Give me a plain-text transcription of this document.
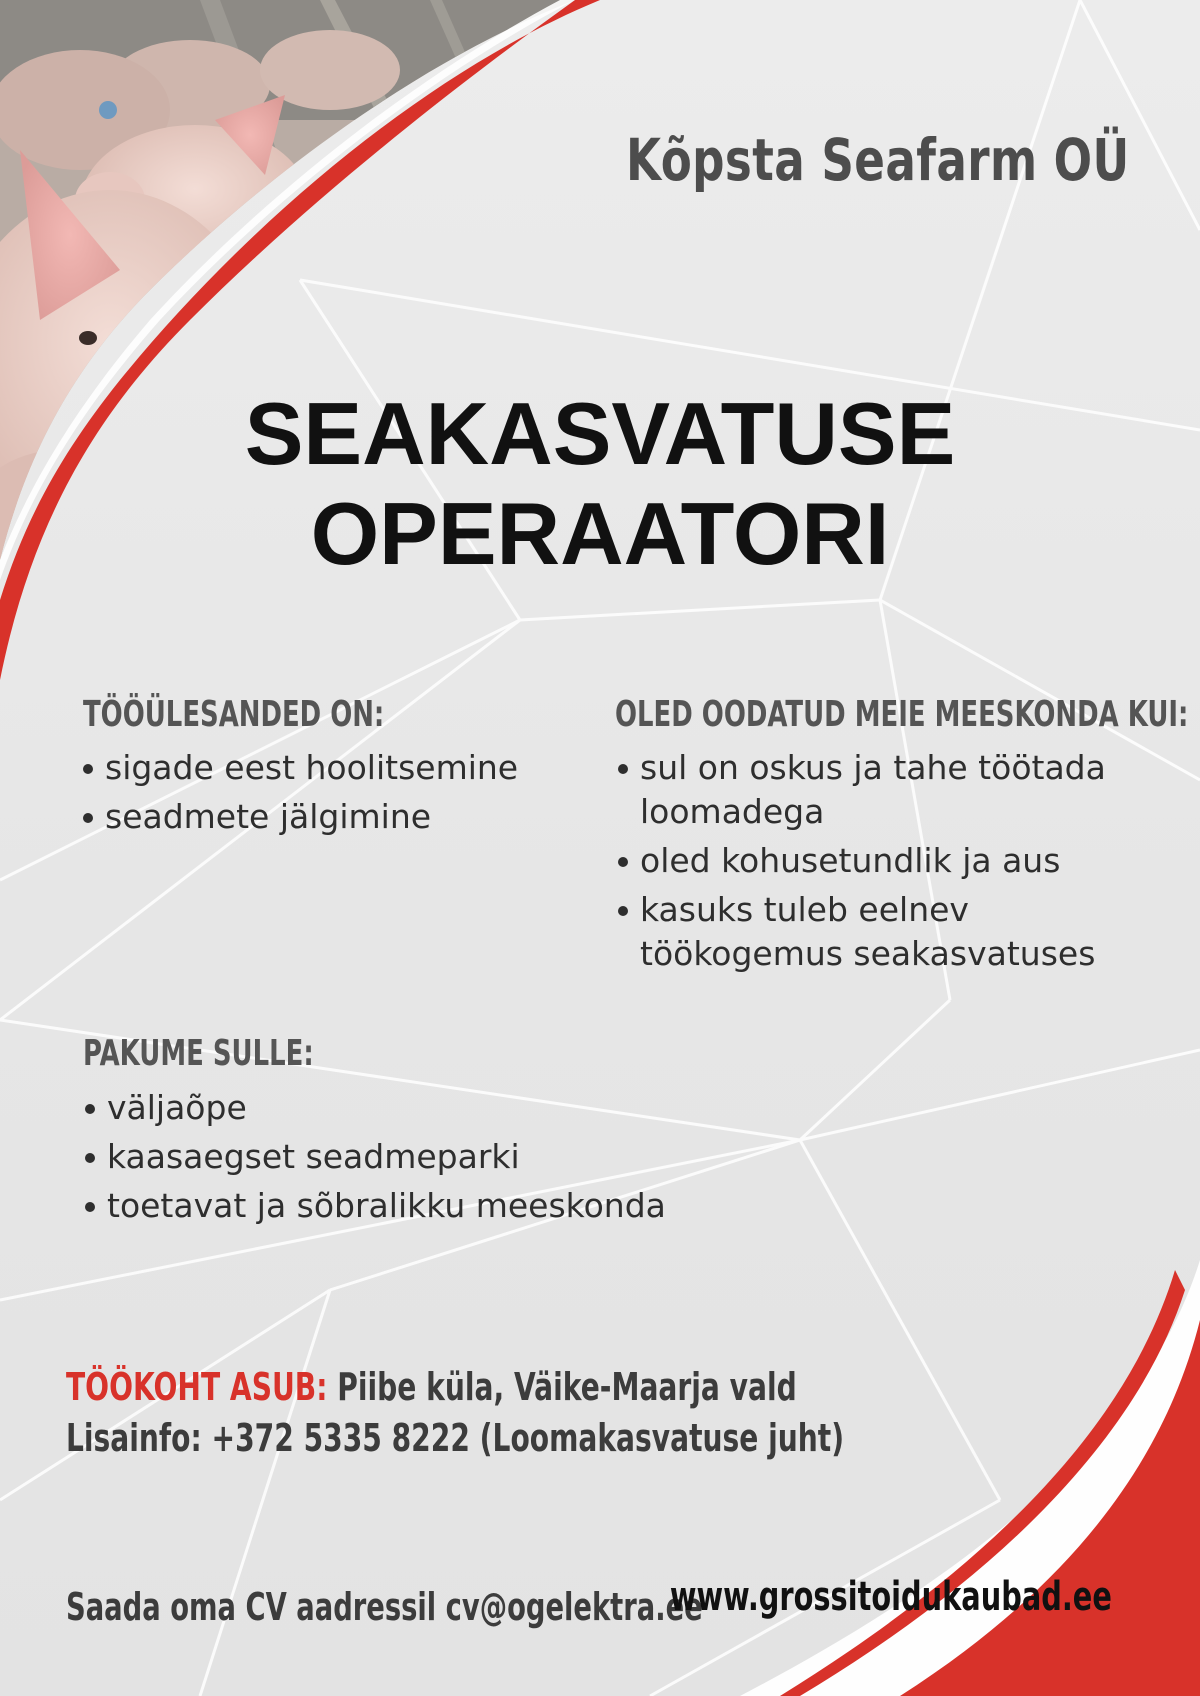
Kõpsta Seafarm OÜ
SEAKASVATUSE
OPERAATORI
TÖÖÜLESANDED ON:
sigade eest hoolitsemine
seadmete jälgimine
OLED OODATUD MEIE MEESKONDA KUI:
sul on oskus ja tahe töötada
loomadega
oled kohusetundlik ja aus
kasuks tuleb eelnev
töökogemus seakasvatuses
PAKUME SULLE:
väljaõpe
kaasaegset seadmeparki
toetavat ja sõbralikku meeskonda
TÖÖKOHT ASUB: Piibe küla, Väike-Maarja vald
Lisainfo: +372 5335 8222 (Loomakasvatuse juht)
Saada oma CV aadressil cv@ogelektra.ee
www.grossitoidukaubad.ee
